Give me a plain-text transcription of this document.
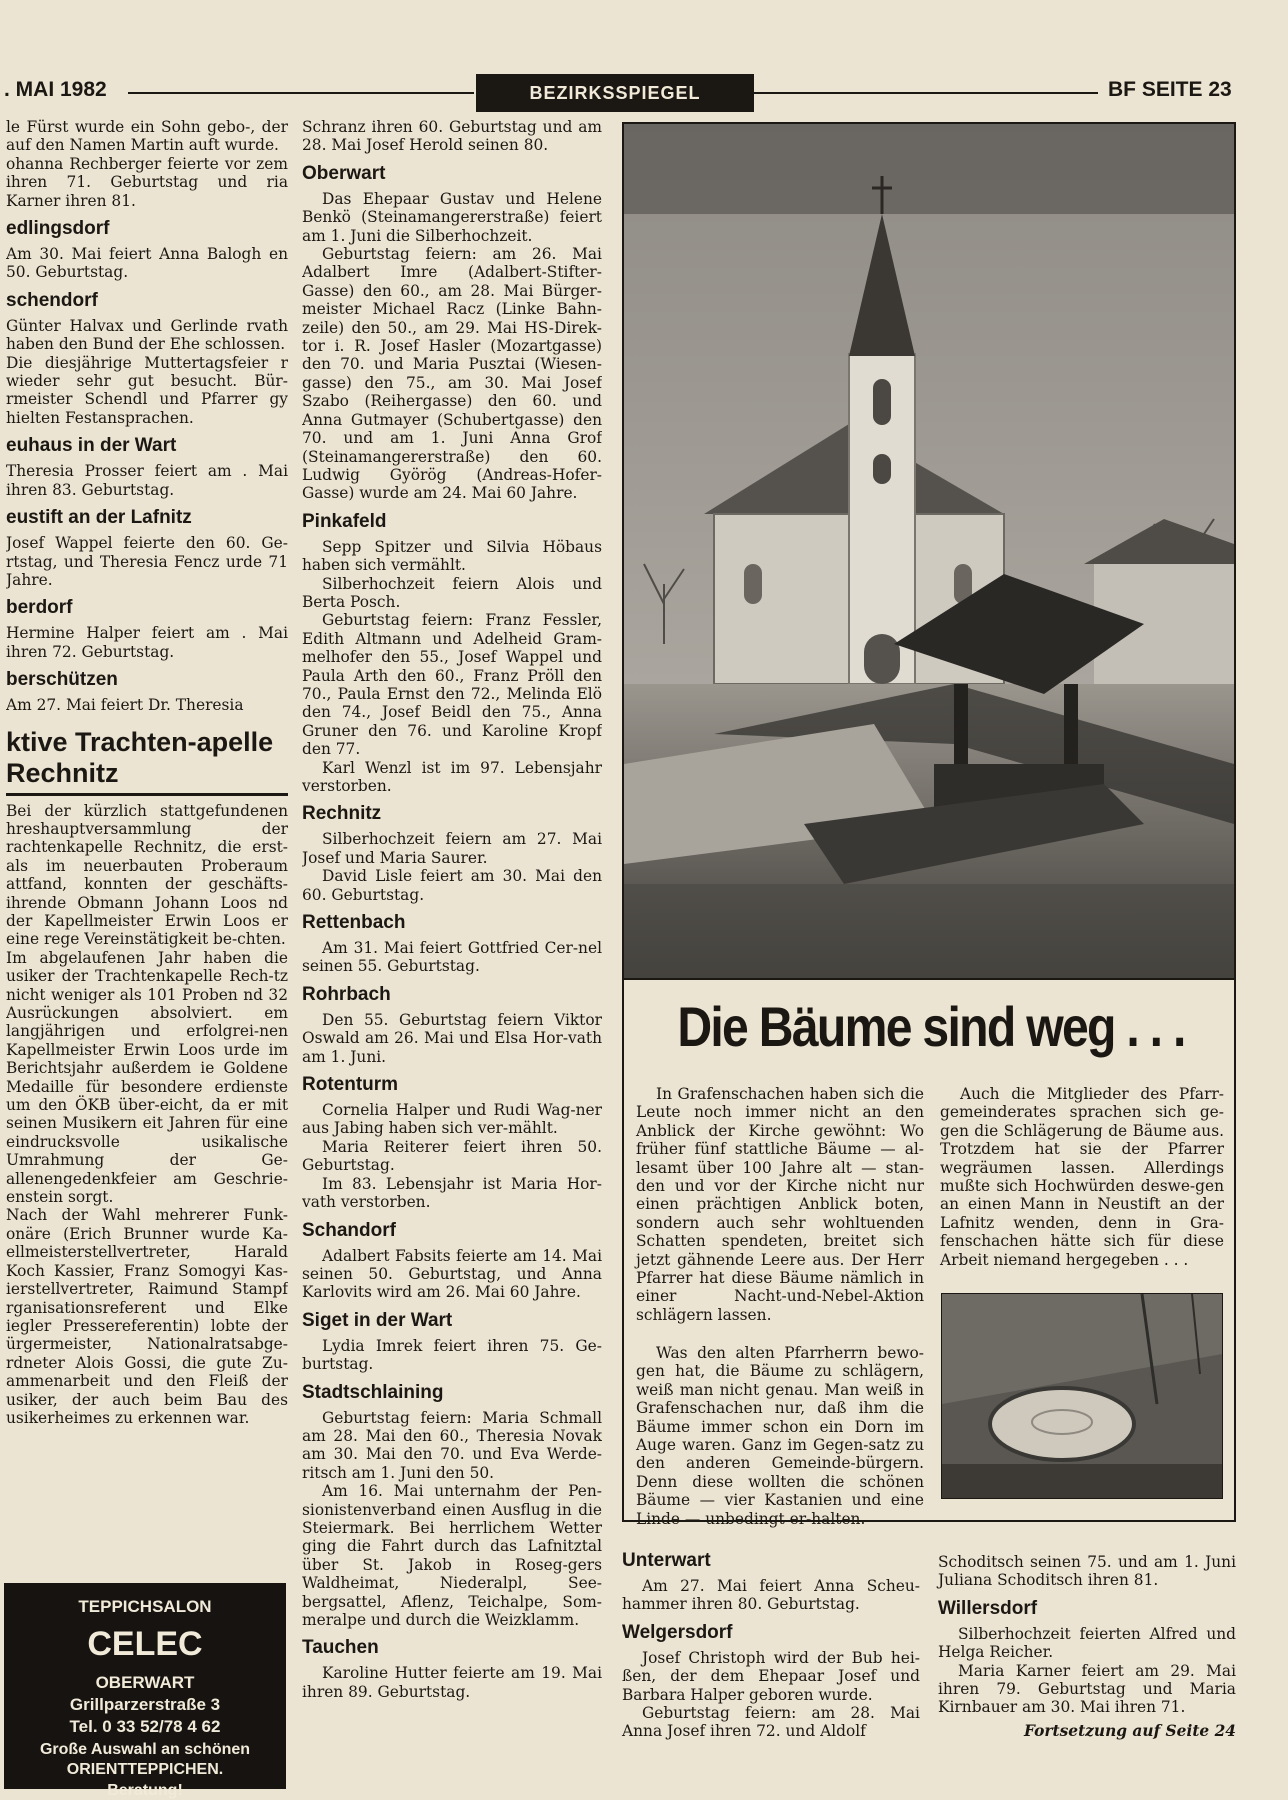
. MAI 1982	BEZIRKSSPIEGEL	BF SEITE 23

le Fürst wurde ein Sohn gebo-, der auf den Namen Martin auft wurde.

ohanna Rechberger feierte vor zem ihren 71. Geburtstag und ria Karner ihren 81.

edlingsdorf

Am 30. Mai feiert Anna Balogh en 50. Geburtstag.

schendorf

Günter Halvax und Gerlinde rvath haben den Bund der Ehe schlossen.

Die diesjährige Muttertagsfeier r wieder sehr gut besucht. Bür-rmeister Schendl und Pfarrer gy hielten Festansprachen.

euhaus in der Wart

Theresia Prosser feiert am . Mai ihren 83. Geburtstag.

eustift an der Lafnitz

Josef Wappel feierte den 60. Ge-rtstag, und Theresia Fencz urde 71 Jahre.

berdorf

Hermine Halper feiert am . Mai ihren 72. Geburtstag.

berschützen

Am 27. Mai feiert Dr. Theresia

ktive Trachten-apelle Rechnitz

Bei der kürzlich stattgefundenen hreshauptversammlung der rachtenkapelle Rechnitz, die erst-als im neuerbauten Proberaum attfand, konnten der geschäfts-ihrende Obmann Johann Loos nd der Kapellmeister Erwin Loos er eine rege Vereinstätigkeit be-chten.

Im abgelaufenen Jahr haben die usiker der Trachtenkapelle Rech-tz nicht weniger als 101 Proben nd 32 Ausrückungen absolviert. em langjährigen und erfolgrei-nen Kapellmeister Erwin Loos urde im Berichtsjahr außerdem ie Goldene Medaille für besondere erdienste um den ÖKB über-eicht, da er mit seinen Musikern eit Jahren für eine eindrucksvolle usikalische Umrahmung der Ge-allenengedenkfeier am Geschrie-enstein sorgt.

Nach der Wahl mehrerer Funk-onäre (Erich Brunner wurde Ka-ellmeisterstellvertreter, Harald Koch Kassier, Franz Somogyi Kas-ierstellvertreter, Raimund Stampf rganisationsreferent und Elke iegler Pressereferentin) lobte der ürgermeister, Nationalratsabge-rdneter Alois Gossi, die gute Zu-ammenarbeit und den Fleiß der usiker, der auch beim Bau des usikerheimes zu erkennen war.

TEPPICHSALON
CELEC
OBERWART
Grillparzerstraße 3
Tel. 0 33 52/78 4 62
Große Auswahl an schönen
ORIENTTEPPICHEN.
Beratung!

Schranz ihren 60. Geburtstag und am 28. Mai Josef Herold seinen 80.

Oberwart

Das Ehepaar Gustav und Helene Benkö (Steinamangererstraße) feiert am 1. Juni die Silberhochzeit.

Geburtstag feiern: am 26. Mai Adalbert Imre (Adalbert-Stifter-Gasse) den 60., am 28. Mai Bürger-meister Michael Racz (Linke Bahn-zeile) den 50., am 29. Mai HS-Direk-tor i. R. Josef Hasler (Mozartgasse) den 70. und Maria Pusztai (Wiesen-gasse) den 75., am 30. Mai Josef Szabo (Reihergasse) den 60. und Anna Gutmayer (Schubertgasse) den 70. und am 1. Juni Anna Grof (Steinamangererstraße) den 60. Ludwig Györög (Andreas-Hofer-Gasse) wurde am 24. Mai 60 Jahre.

Pinkafeld

Sepp Spitzer und Silvia Höbaus haben sich vermählt.

Silberhochzeit feiern Alois und Berta Posch.

Geburtstag feiern: Franz Fessler, Edith Altmann und Adelheid Gram-melhofer den 55., Josef Wappel und Paula Arth den 60., Franz Pröll den 70., Paula Ernst den 72., Melinda Elö den 74., Josef Beidl den 75., Anna Gruner den 76. und Karoline Kropf den 77.

Karl Wenzl ist im 97. Lebensjahr verstorben.

Rechnitz

Silberhochzeit feiern am 27. Mai Josef und Maria Saurer.

David Lisle feiert am 30. Mai den 60. Geburtstag.

Rettenbach

Am 31. Mai feiert Gottfried Cer-nel seinen 55. Geburtstag.

Rohrbach

Den 55. Geburtstag feiern Viktor Oswald am 26. Mai und Elsa Hor-vath am 1. Juni.

Rotenturm

Cornelia Halper und Rudi Wag-ner aus Jabing haben sich ver-mählt.

Maria Reiterer feiert ihren 50. Geburtstag.

Im 83. Lebensjahr ist Maria Hor-vath verstorben.

Schandorf

Adalbert Fabsits feierte am 14. Mai seinen 50. Geburtstag, und Anna Karlovits wird am 26. Mai 60 Jahre.

Siget in der Wart

Lydia Imrek feiert ihren 75. Ge-burtstag.

Stadtschlaining

Geburtstag feiern: Maria Schmall am 28. Mai den 60., Theresia Novak am 30. Mai den 70. und Eva Werde-ritsch am 1. Juni den 50.

Am 16. Mai unternahm der Pen-sionistenverband einen Ausflug in die Steiermark. Bei herrlichem Wetter ging die Fahrt durch das Lafnitztal über St. Jakob in Roseg-gers Waldheimat, Niederalpl, See-bergsattel, Aflenz, Teichalpe, Som-meralpe und durch die Weizklamm.

Tauchen

Karoline Hutter feierte am 19. Mai ihren 89. Geburtstag.

Die Bäume sind weg . . .

In Grafenschachen haben sich die Leute noch immer nicht an den Anblick der Kirche gewöhnt: Wo früher fünf stattliche Bäume — al-lesamt über 100 Jahre alt — stan-den und vor der Kirche nicht nur einen prächtigen Anblick boten, sondern auch sehr wohltuenden Schatten spendeten, breitet sich jetzt gähnende Leere aus. Der Herr Pfarrer hat diese Bäume nämlich in einer Nacht-und-Nebel-Aktion schlägern lassen.

Auch die Mitglieder des Pfarr-gemeinderates sprachen sich ge-gen die Schlägerung de Bäume aus. Trotzdem hat sie der Pfarrer wegräumen lassen. Allerdings mußte sich Hochwürden deswe-gen an einen Mann in Neustift an der Lafnitz wenden, denn in Gra-fenschachen hätte sich für diese Arbeit niemand hergegeben . . .

Was den alten Pfarrherrn bewo-gen hat, die Bäume zu schlägern, weiß man nicht genau. Man weiß in Grafenschachen nur, daß ihm die Bäume immer schon ein Dorn im Auge waren. Ganz im Gegen-satz zu den anderen Gemeinde-bürgern. Denn diese wollten die schönen Bäume — vier Kastanien und eine Linde — unbedingt er-halten.

Unterwart

Am 27. Mai feiert Anna Scheu-hammer ihren 80. Geburtstag.

Welgersdorf

Josef Christoph wird der Bub hei-ßen, der dem Ehepaar Josef und Barbara Halper geboren wurde.

Geburtstag feiern: am 28. Mai Anna Josef ihren 72. und Aldolf

Schoditsch seinen 75. und am 1. Juni Juliana Schoditsch ihren 81.

Willersdorf

Silberhochzeit feierten Alfred und Helga Reicher.

Maria Karner feiert am 29. Mai ihren 79. Geburtstag und Maria Kirnbauer am 30. Mai ihren 71.

Fortsetzung auf Seite 24
